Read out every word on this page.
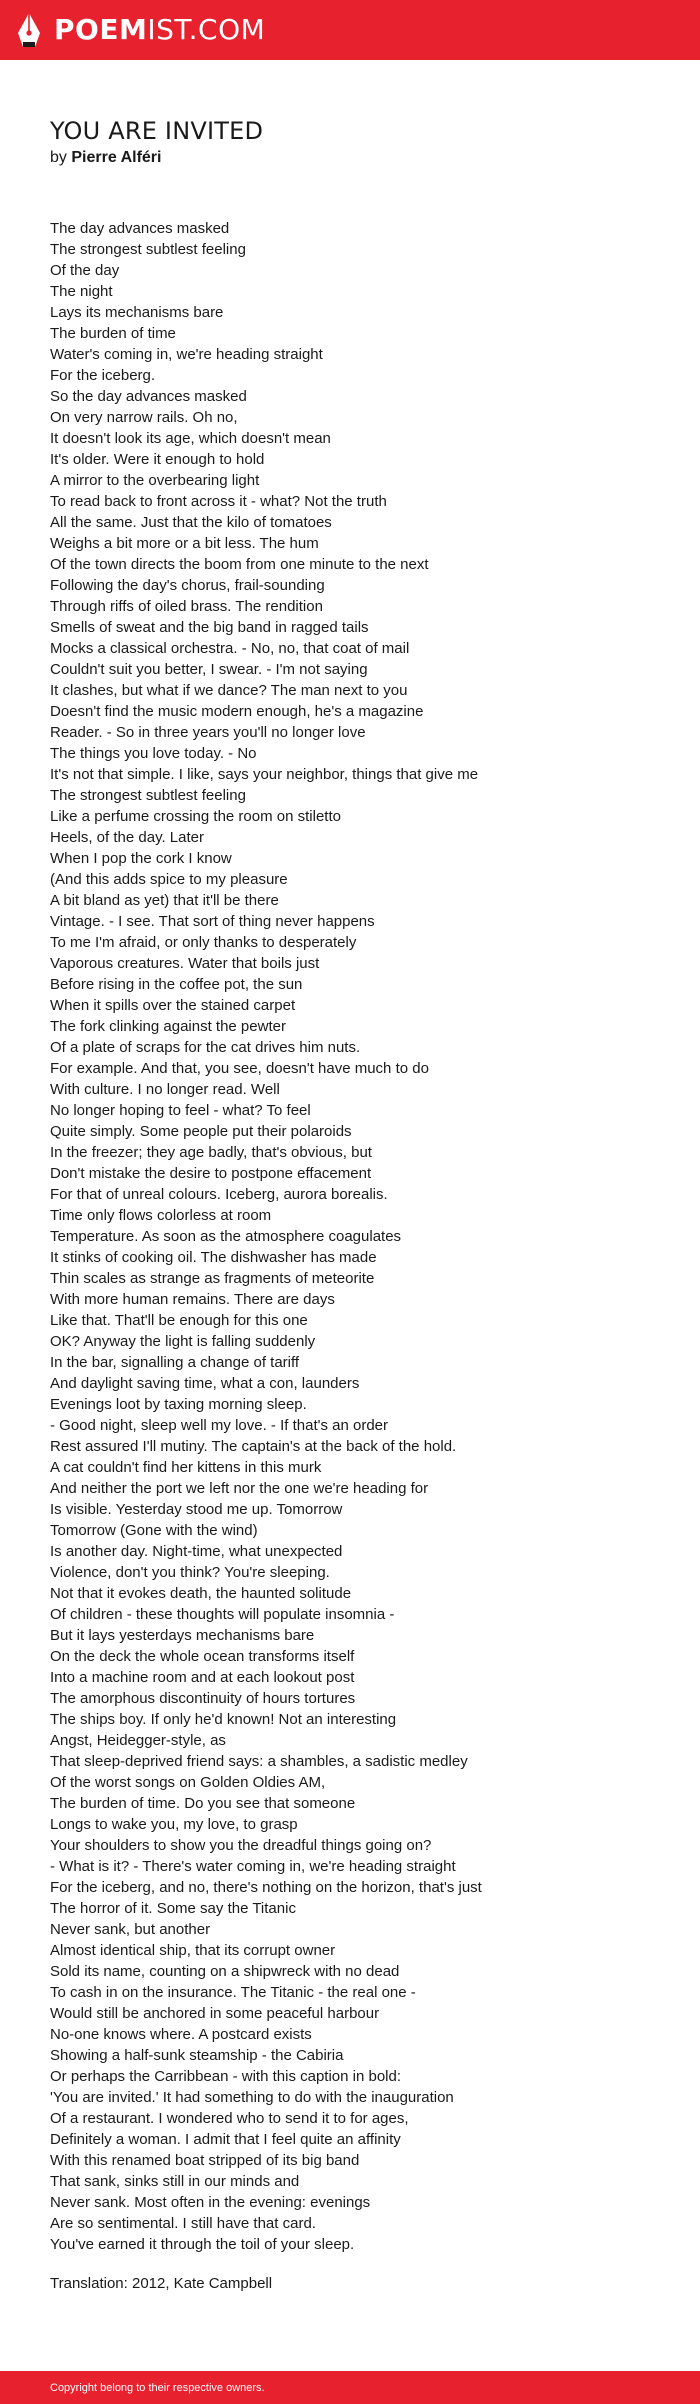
POEMIST.COM
YOU ARE INVITED
by Pierre Alféri
The day advances masked
The strongest subtlest feeling
Of the day
The night
Lays its mechanisms bare
The burden of time
Water's coming in, we're heading straight
For the iceberg.
So the day advances masked
On very narrow rails. Oh no,
It doesn't look its age, which doesn't mean
It's older. Were it enough to hold
A mirror to the overbearing light
To read back to front across it - what? Not the truth
All the same. Just that the kilo of tomatoes
Weighs a bit more or a bit less. The hum
Of the town directs the boom from one minute to the next
Following the day's chorus, frail-sounding
Through riffs of oiled brass. The rendition
Smells of sweat and the big band in ragged tails
Mocks a classical orchestra. - No, no, that coat of mail
Couldn't suit you better, I swear. - I'm not saying
It clashes, but what if we dance? The man next to you
Doesn't find the music modern enough, he's a magazine
Reader. - So in three years you'll no longer love
The things you love today. - No
It's not that simple. I like, says your neighbor, things that give me
The strongest subtlest feeling
Like a perfume crossing the room on stiletto
Heels, of the day. Later
When I pop the cork I know
(And this adds spice to my pleasure
A bit bland as yet) that it'll be there
Vintage. - I see. That sort of thing never happens
To me I'm afraid, or only thanks to desperately
Vaporous creatures. Water that boils just
Before rising in the coffee pot, the sun
When it spills over the stained carpet
The fork clinking against the pewter
Of a plate of scraps for the cat drives him nuts.
For example. And that, you see, doesn't have much to do
With culture. I no longer read. Well
No longer hoping to feel - what? To feel
Quite simply. Some people put their polaroids
In the freezer; they age badly, that's obvious, but
Don't mistake the desire to postpone effacement
For that of unreal colours. Iceberg, aurora borealis.
Time only flows colorless at room
Temperature. As soon as the atmosphere coagulates
It stinks of cooking oil. The dishwasher has made
Thin scales as strange as fragments of meteorite
With more human remains. There are days
Like that. That'll be enough for this one
OK? Anyway the light is falling suddenly
In the bar, signalling a change of tariff
And daylight saving time, what a con, launders
Evenings loot by taxing morning sleep.
- Good night, sleep well my love. - If that's an order
Rest assured I'll mutiny. The captain's at the back of the hold.
A cat couldn't find her kittens in this murk
And neither the port we left nor the one we're heading for
Is visible. Yesterday stood me up. Tomorrow
Tomorrow (Gone with the wind)
Is another day. Night-time, what unexpected
Violence, don't you think? You're sleeping.
Not that it evokes death, the haunted solitude
Of children - these thoughts will populate insomnia -
But it lays yesterdays mechanisms bare
On the deck the whole ocean transforms itself
Into a machine room and at each lookout post
The amorphous discontinuity of hours tortures
The ships boy. If only he'd known! Not an interesting
Angst, Heidegger-style, as
That sleep-deprived friend says: a shambles, a sadistic medley
Of the worst songs on Golden Oldies AM,
The burden of time. Do you see that someone
Longs to wake you, my love, to grasp
Your shoulders to show you the dreadful things going on?
- What is it? - There's water coming in, we're heading straight
For the iceberg, and no, there's nothing on the horizon, that's just
The horror of it. Some say the Titanic
Never sank, but another
Almost identical ship, that its corrupt owner
Sold its name, counting on a shipwreck with no dead
To cash in on the insurance. The Titanic - the real one -
Would still be anchored in some peaceful harbour
No-one knows where. A postcard exists
Showing a half-sunk steamship - the Cabiria
Or perhaps the Carribbean - with this caption in bold:
'You are invited.' It had something to do with the inauguration
Of a restaurant. I wondered who to send it to for ages,
Definitely a woman. I admit that I feel quite an affinity
With this renamed boat stripped of its big band
That sank, sinks still in our minds and
Never sank. Most often in the evening: evenings
Are so sentimental. I still have that card.
You've earned it through the toil of your sleep.
Translation: 2012, Kate Campbell
Copyright belong to their respective owners.
